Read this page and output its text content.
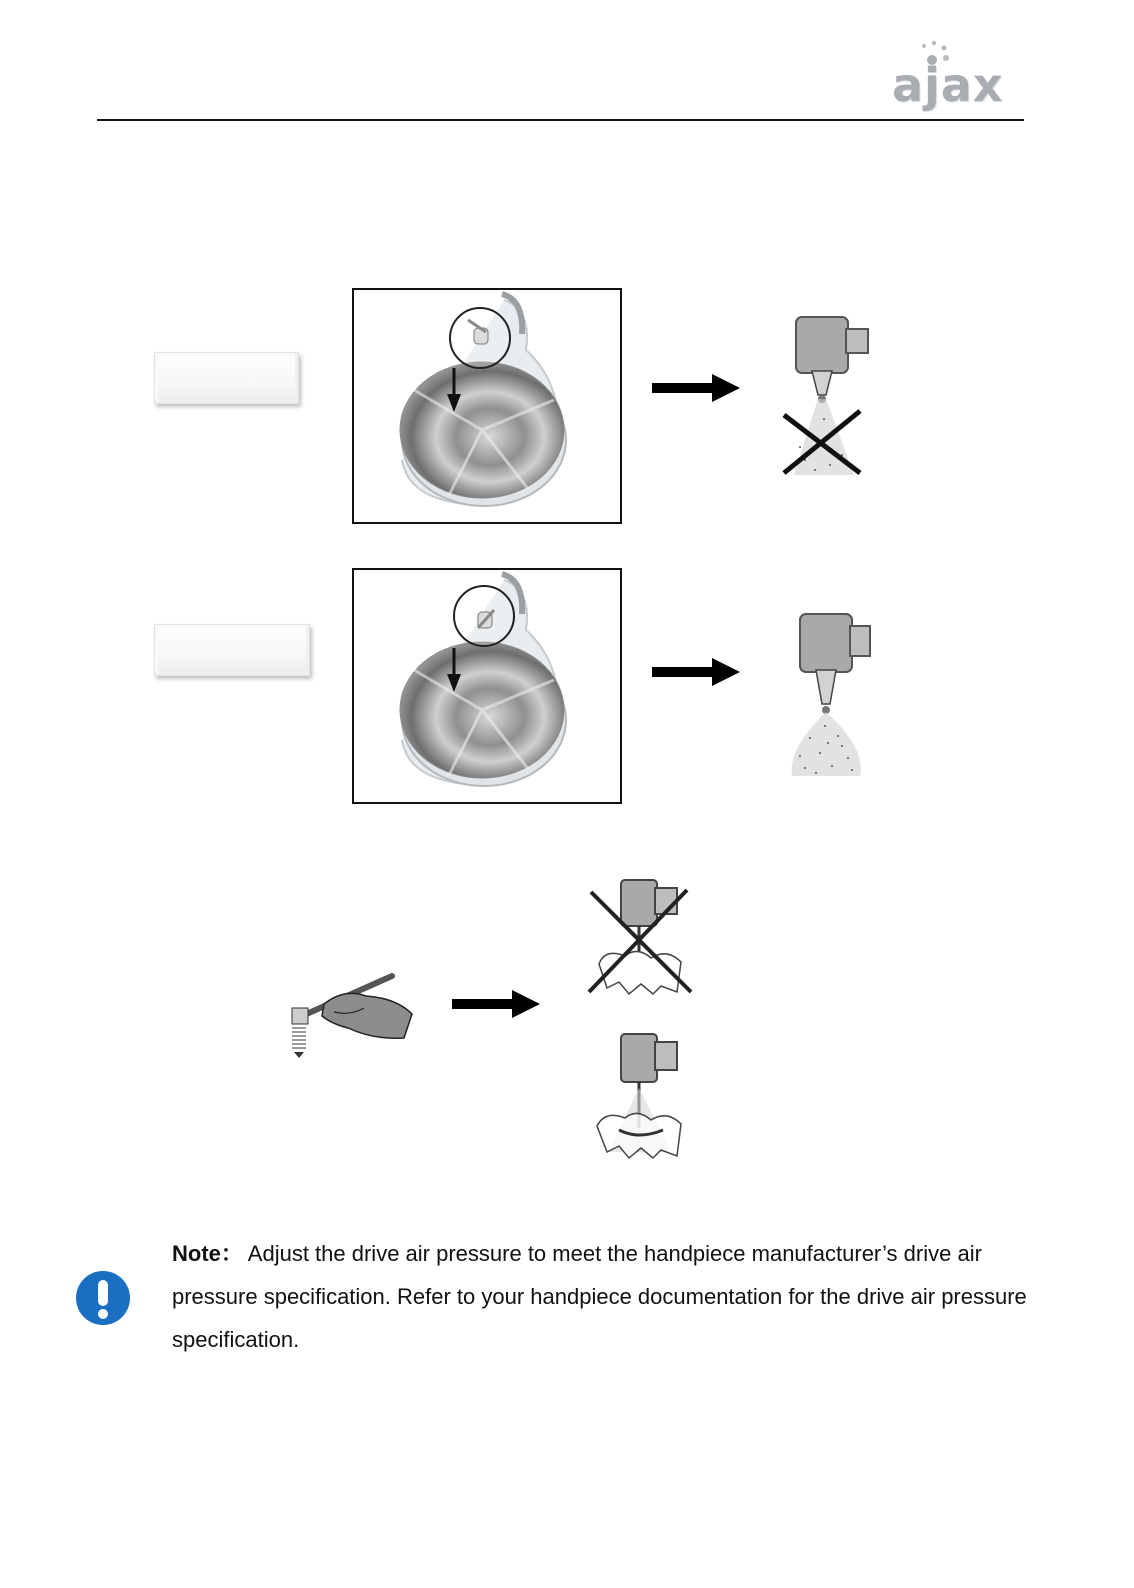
ajax
Note： Adjust the drive air pressure to meet the handpiece manufacturer’s drive air pressure specification. Refer to your handpiece documentation for the drive air pressure specification.
